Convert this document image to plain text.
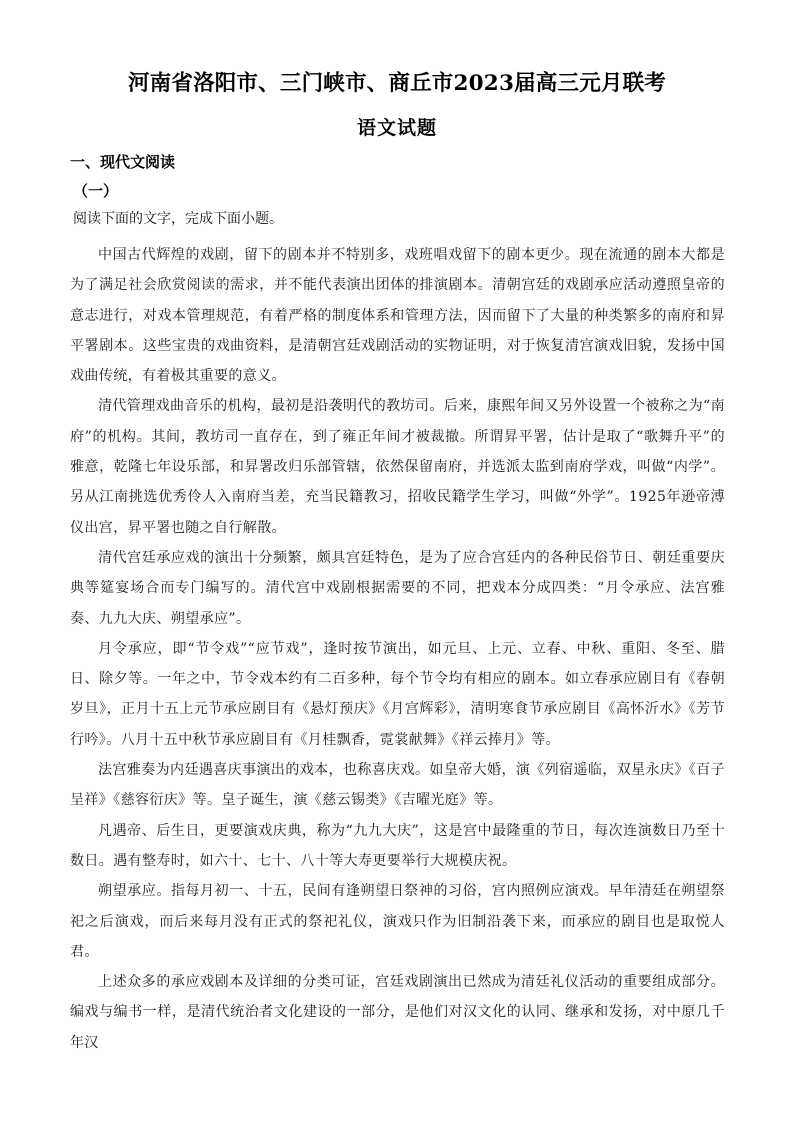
河南省洛阳市、三门峡市、商丘市2023届高三元月联考
语文试题
一、现代文阅读
（一）
阅读下面的文字，完成下面小题。

中国古代辉煌的戏剧，留下的剧本并不特别多，戏班唱戏留下的剧本更少。现在流通的剧本大都是为了满足社会欣赏阅读的需求，并不能代表演出团体的排演剧本。清朝宫廷的戏剧承应活动遵照皇帝的意志进行，对戏本管理规范，有着严格的制度体系和管理方法，因而留下了大量的种类繁多的南府和昇平署剧本。这些宝贵的戏曲资料，是清朝宫廷戏剧活动的实物证明，对于恢复清宫演戏旧貌，发扬中国戏曲传统，有着极其重要的意义。

清代管理戏曲音乐的机构，最初是沿袭明代的教坊司。后来，康熙年间又另外设置一个被称之为“南府”的机构。其间，教坊司一直存在，到了雍正年间才被裁撤。所谓昇平署，估计是取了“歌舞升平”的雅意，乾隆七年设乐部，和昇署改归乐部管辖，依然保留南府，并选派太监到南府学戏，叫做“内学”。另从江南挑选优秀伶人入南府当差，充当民籍教习，招收民籍学生学习，叫做“外学”。1925年逊帝溥仪出宫，昇平署也随之自行解散。

清代宫廷承应戏的演出十分频繁，颇具宫廷特色，是为了应合宫廷内的各种民俗节日、朝廷重要庆典等筵宴场合而专门编写的。清代宫中戏剧根据需要的不同，把戏本分成四类：“月令承应、法宫雅奏、九九大庆、朔望承应”。

月令承应，即“节令戏”“应节戏”，逢时按节演出，如元旦、上元、立春、中秋、重阳、冬至、腊日、除夕等。一年之中，节令戏本约有二百多种，每个节令均有相应的剧本。如立春承应剧目有《春朝岁旦》，正月十五上元节承应剧目有《悬灯预庆》《月宫辉彩》，清明寒食节承应剧目《高怀沂水》《芳节行吟》。八月十五中秋节承应剧目有《月桂飘香，霓裳献舞》《祥云捧月》等。

法宫雅奏为内廷遇喜庆事演出的戏本，也称喜庆戏。如皇帝大婚，演《列宿遥临，双星永庆》《百子呈祥》《慈容衍庆》等。皇子诞生，演《慈云锡类》《吉曜光庭》等。

凡遇帝、后生日，更要演戏庆典，称为“九九大庆”，这是宫中最隆重的节日，每次连演数日乃至十数日。遇有整寿时，如六十、七十、八十等大寿更要举行大规模庆祝。

朔望承应。指每月初一、十五，民间有逢朔望日祭神的习俗，宫内照例应演戏。早年清廷在朔望祭祀之后演戏，而后来每月没有正式的祭祀礼仪，演戏只作为旧制沿袭下来，而承应的剧目也是取悦人君。

上述众多的承应戏剧本及详细的分类可证，宫廷戏剧演出已然成为清廷礼仪活动的重要组成部分。编戏与编书一样，是清代统治者文化建设的一部分，是他们对汉文化的认同、继承和发扬，对中原几千年汉
